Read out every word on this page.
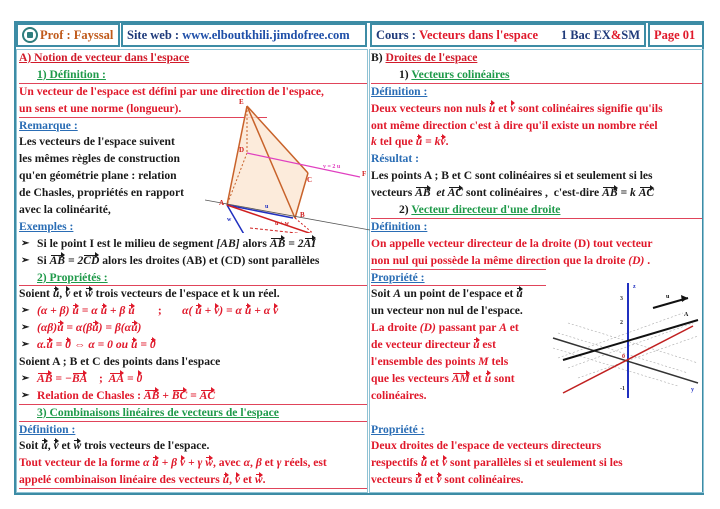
Prof : Fayssal Site web : www.elboutkhili.jimdofree.com Cours : Vecteurs dans l'espace 1 Bac EX & SM Page 01
A) Notion de vecteur dans l'espace
1) Définition :
Un vecteur de l'espace est défini par une direction de l'espace,
un sens et une norme (longueur).
Remarque :
Les vecteurs de l'espace suivent
les mêmes règles de construction
qu'en géométrie plane : relation
de Chasles, propriétés en rapport
avec la colinéarité,
Exemples :
➢ Si le point I est le milieu de segment [AB] alors AB = 2AI
➢ Si AB = 2CD alors les droites (AB) et (CD) sont parallèles
2) Propriétés :
Soient u, v et w trois vecteurs de l'espace et k un réel.
➢ (α + β) u = α u + β u        ;       α( u + v) = α u + α v
➢ (αβ)u = α(βu) = β(αu)
➢ α.u = 0 ⇔ α = 0 ou u = 0
Soient A ; B et C des points dans l'espace
➢ AB = −BA    ;  AA = 0
➢ Relation de Chasles : AB + BC = AC
3) Combinaisons linéaires de vecteurs de l'espace
Définition :
Soit u, v et w trois vecteurs de l'espace.
Tout vecteur de la forme α u + β v + γ w, avec α, β et γ réels, est
appelé combinaison linéaire des vecteurs u, v et w.
B) Droites de l'espace
1) Vecteurs colinéaires
Définition :
Deux vecteurs non nuls u et v sont colinéaires signifie qu'ils
ont même direction c'est à dire qu'il existe un nombre réel
k tel que u = kv.
Résultat :
Les points A ; B et C sont colinéaires si et seulement si les
vecteurs AB  et AC sont colinéaires ,  c'est-dire AB = k AC
2) Vecteur directeur d'une droite
Définition :
On appelle vecteur directeur de la droite (D) tout vecteur
non nul qui possède la même direction que la droite (D) .
Propriété :
Soit A un point de l'espace et u
un vecteur non nul de l'espace.
La droite (D) passant par A et
de vecteur directeur u est
l'ensemble des points M tels
que les vecteurs AM et u sont
colinéaires.
Propriété :
Deux droites de l'espace de vecteurs directeurs
respectifs u et v sont parallèles si et seulement si les
vecteurs u et v sont colinéaires.
E
D
C
F
A
B
v = 2 u
u
w
u + w
z
y
A
u
3
2
-1
0
